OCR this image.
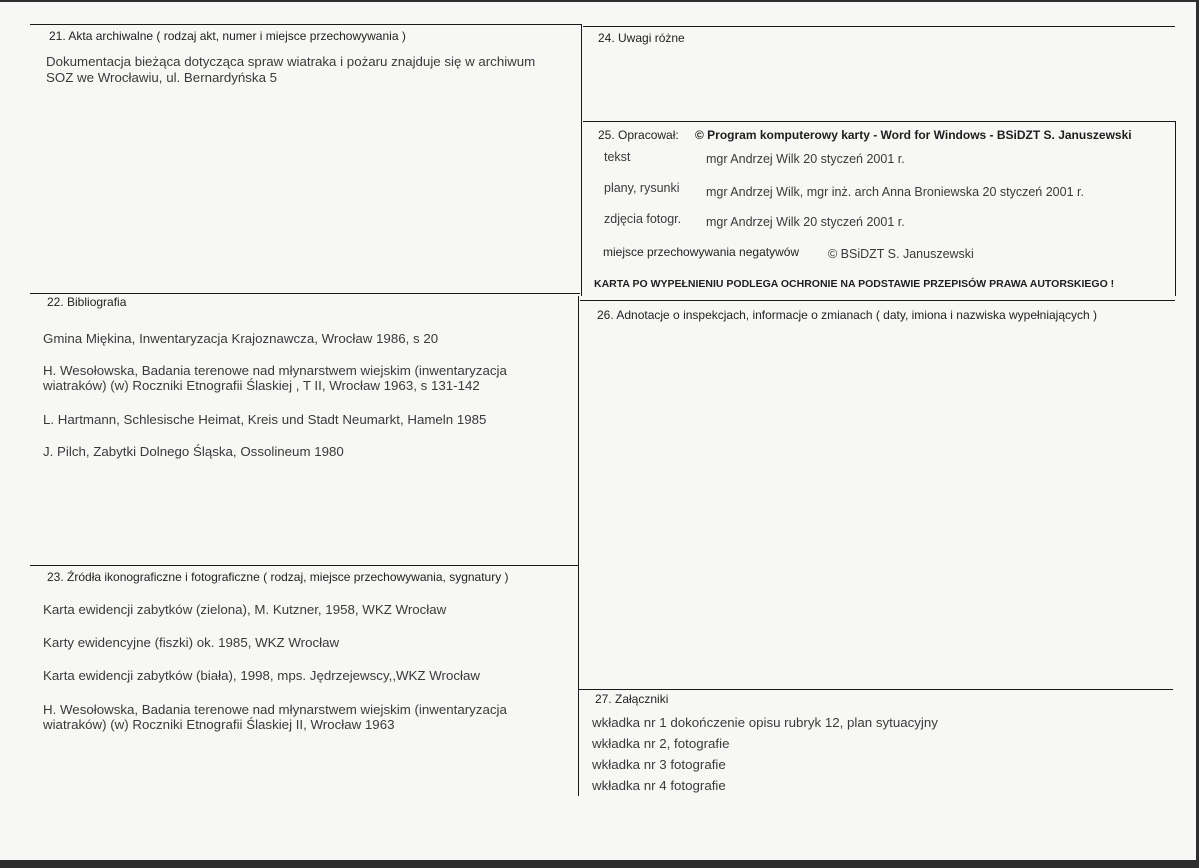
21. Akta archiwalne ( rodzaj akt, numer i miejsce przechowywania )
Dokumentacja bieżąca dotycząca spraw wiatraka i pożaru znajduje się w archiwum
SOZ we Wrocławiu, ul. Bernardyńska 5
22. Bibliografia
Gmina Miękina, Inwentaryzacja Krajoznawcza, Wrocław 1986, s 20
H. Wesołowska, Badania terenowe nad młynarstwem wiejskim (inwentaryzacja
wiatraków) (w) Roczniki Etnografii Ślaskiej , T II, Wrocław 1963, s 131-142
L. Hartmann, Schlesische Heimat, Kreis und Stadt Neumarkt, Hameln 1985
J. Pilch, Zabytki Dolnego Śląska, Ossolineum 1980
23. Źródła ikonograficzne i fotograficzne ( rodzaj, miejsce przechowywania, sygnatury )
Karta ewidencji zabytków (zielona), M. Kutzner, 1958, WKZ Wrocław
Karty ewidencyjne (fiszki) ok. 1985, WKZ Wrocław
Karta ewidencji zabytków (biała), 1998, mps. Jędrzejewscy,,WKZ Wrocław
H. Wesołowska, Badania terenowe nad młynarstwem wiejskim (inwentaryzacja
wiatraków) (w) Roczniki Etnografii Ślaskiej II, Wrocław 1963
24. Uwagi różne
25. Opracował: © Program komputerowy karty - Word for Windows - BSiDZT S. Januszewski
tekst	mgr Andrzej Wilk 20 styczeń 2001 r.
plany, rysunki mgr Andrzej Wilk, mgr inż. arch Anna Broniewska 20 styczeń 2001 r.
zdjęcia fotogr. mgr Andrzej Wilk 20 styczeń 2001 r.
miejsce przechowywania negatywów © BSiDZT S. Januszewski
KARTA PO WYPEŁNIENIU PODLEGA OCHRONIE NA PODSTAWIE PRZEPISÓW PRAWA AUTORSKIEGO !
26. Adnotacje o inspekcjach, informacje o zmianach ( daty, imiona i nazwiska wypełniających )
27. Załączniki
wkładka nr 1 dokończenie opisu rubryk 12, plan sytuacyjny
wkładka nr 2, fotografie
wkładka nr 3 fotografie
wkładka nr 4 fotografie
